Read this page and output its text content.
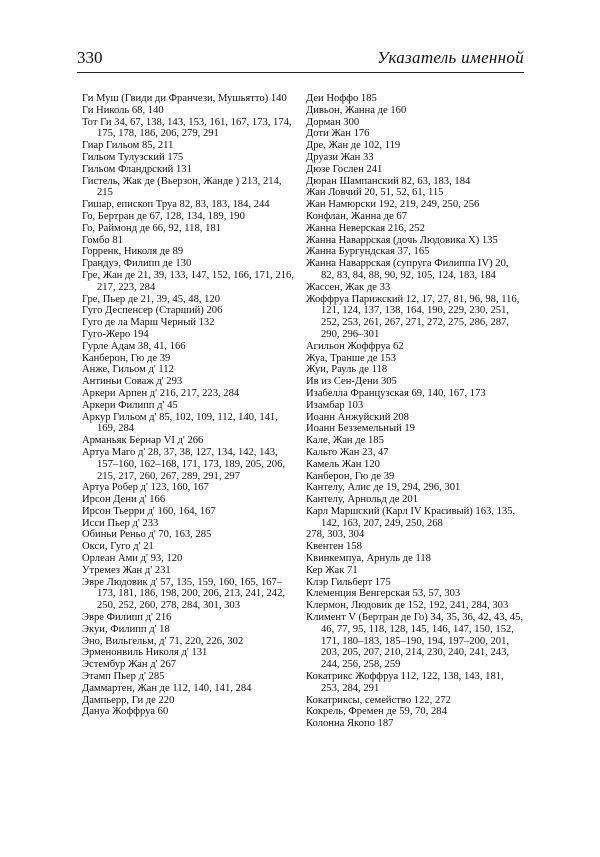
330	Указатель именной

Ги Муш (Гвиди ди Франчези, Мушьятто) 140

Ги Николь 68, 140

Тот Ги 34, 67, 138, 143, 153, 161, 167, 173, 174, 175, 178, 186, 206, 279, 291

Гиар Гильом 85, 211

Гильом Тулузский 175

Гильом Фландрский 131

Гистель, Жак де (Вьерзон, Жанде ) 213, 214, 215

Гишар, епископ Труа 82, 83, 183, 184, 244

Го, Бертран де 67, 128, 134, 189, 190

Го, Раймонд де 66, 92, 118, 181

Гомбо 81

Горренк, Николя де 89

Грандуэ, Филипп де 130

Гре, Жан де 21, 39, 133, 147, 152, 166, 171, 216, 217, 223, 284

Гре, Пьер де 21, 39, 45, 48, 120

Гуго Деспенсер (Старший) 206

Гуго де ла Марш Черный 132

Гуго-Жеро 194

Гурле Адам 38, 41, 166

Канберон, Гю де 39

Анже, Гильом д' 112

Антиньи Соваж д' 293

Аркери Арпен д' 216, 217, 223, 284

Аркери Филипп д' 45

Аркур Гильом д' 85, 102, 109, 112, 140, 141, 169, 284

Арманьяк Бернар VI д' 266

Артуа Маго д' 28, 37, 38, 127, 134, 142, 143, 157–160, 162–168, 171, 173, 189, 205, 206, 215, 217, 260, 267, 289, 291, 297

Артуа Робер д' 123, 160, 167

Ирсон Дени д' 166

Ирсон Тьерри д' 160, 164, 167

Исси Пьер д' 233

Обиньи Реньо д' 70, 163, 285

Окси, Гуго д' 21

Орлеан Ами д' 93, 120

Утремез Жан д' 231

Эвре Людовик д' 57, 135, 159, 160, 165, 167–173, 181, 186, 198, 200, 206, 213, 241, 242, 250, 252, 260, 278, 284, 301, 303

Эвре Филипп д' 216

Экуи, Филипп д' 18

Эно, Вильгельм, д' 71, 220, 226, 302

Эрменонвиль Николя д' 131

Эстембур Жан д' 267

Этамп Пьер д' 285

Даммартен, Жан де 112, 140, 141, 284

Дампьерр, Ги де 220

Дануа Жоффруа 60

Деи Ноффо 185

Дивьон, Жанна де 160

Дорман 300

Доти Жан 176

Дре, Жан де 102, 119

Друази Жан 33

Дюзе Гослен 241

Дюран Шампанский 82, 63, 183, 184

Жан Ловчий 20, 51, 52, 61, 115

Жан Намюрски 192, 219, 249, 250, 256

Конфлан, Жанна де 67

Жанна Неверская 216, 252

Жанна Наваррская (дочь Людовика X) 135

Жанна Бургундская 37, 165

Жанна Наваррская (супруга Филиппа IV) 20, 82, 83, 84, 88, 90, 92, 105, 124, 183, 184

Жассен, Жак де 33

Жоффруа Парижский 12, 17, 27, 81, 96, 98, 116, 121, 124, 137, 138, 164, 190, 229, 230, 251, 252, 253, 261, 267, 271, 272, 275, 286, 287, 290, 296–301

Агильон Жоффруа 62

Жуа, Транше де 153

Жуи, Рауль де 118

Ив из Сен-Дени 305

Изабелла Французская 69, 140, 167, 173

Изамбар 103

Иоанн Анжуйский 208

Иоанн Безземельный 19

Кале, Жан де 185

Кальто Жан 23, 47

Камель Жан 120

Канберон, Гю де 39

Кантелу, Алис де 19, 294, 296, 301

Кантелу, Арнольд де 201

Карл Маршский (Карл IV Красивый) 163, 135, 142, 163, 207, 249, 250, 268

278, 303, 304

Квентен 158

Квинкемпуа, Арнуль де 118

Кер Жак 71

Клэр Гильберт 175

Клеменция Венгерская 53, 57, 303

Клермон, Людовик де 152, 192, 241, 284, 303

Климент V (Бертран де Го) 34, 35, 36, 42, 43, 45, 46, 77, 95, 118, 128, 145, 146, 147, 150, 152, 171, 180–183, 185–190, 194, 197–200, 201, 203, 205, 207, 210, 214, 230, 240, 241, 243, 244, 256, 258, 259

Кокатрикс Жоффруа 112, 122, 138, 143, 181, 253, 284, 291

Кокатриксы, семейство 122, 272

Кокрель, Фремен де 59, 70, 284

Колонна Якопо 187
